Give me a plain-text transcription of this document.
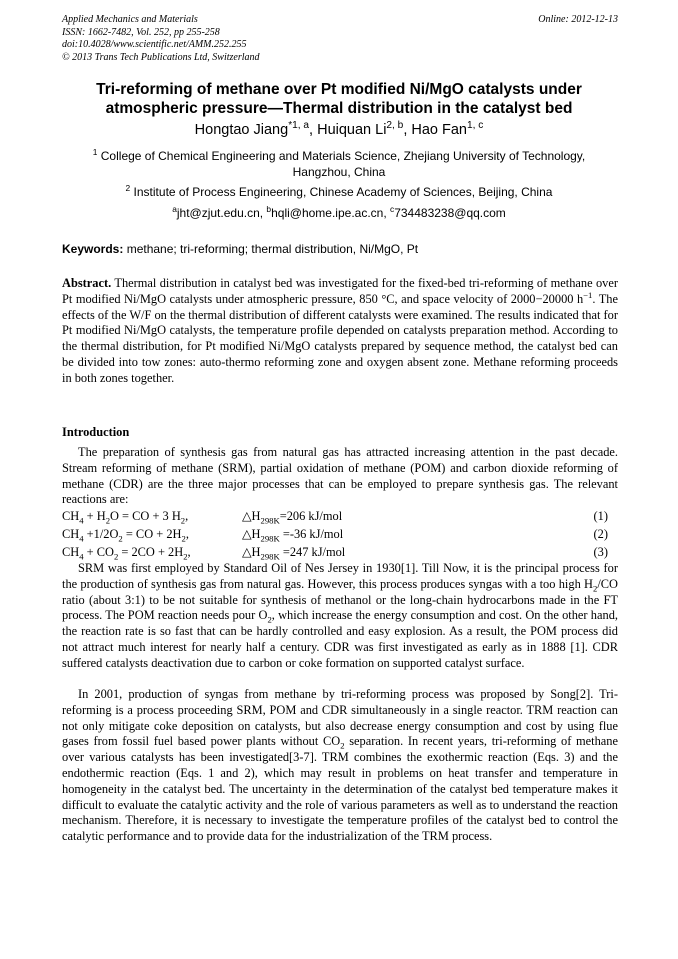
Applied Mechanics and Materials
ISSN: 1662-7482, Vol. 252, pp 255-258
doi:10.4028/www.scientific.net/AMM.252.255
© 2013 Trans Tech Publications Ltd, Switzerland
Online: 2012-12-13
Tri-reforming of methane over Pt modified Ni/MgO catalysts under
atmospheric pressure—Thermal distribution in the catalyst bed
Hongtao Jiang$^{*1, a}$, Huiquan Li$^{2, b}$, Hao Fan$^{1, c}$
$^1$ College of Chemical Engineering and Materials Science, Zhejiang University of Technology,
Hangzhou, China
$^2$ Institute of Process Engineering, Chinese Academy of Sciences, Beijing, China
$^a$jht@zjut.edu.cn, $^b$hqli@home.ipe.ac.cn, $^c$734483238@qq.com
Keywords: methane; tri-reforming; thermal distribution, Ni/MgO, Pt
Abstract. Thermal distribution in catalyst bed was investigated for the fixed-bed tri-reforming of methane over Pt modified Ni/MgO catalysts under atmospheric pressure, 850 °C, and space velocity of 2000−20000 $h^{-1}$. The effects of the W/F on the thermal distribution of different catalysts were examined. The results indicated that for Pt modified Ni/MgO catalysts, the temperature profile depended on catalysts preparation method. According to the thermal distribution, for Pt modified Ni/MgO catalysts prepared by sequence method, the catalyst bed can be divided into tow zones: auto-thermo reforming zone and oxygen absent zone. Methane reforming proceeds in both zones together.
Introduction
The preparation of synthesis gas from natural gas has attracted increasing attention in the past decade. Stream reforming of methane (SRM), partial oxidation of methane (POM) and carbon dioxide reforming of methane (CDR) are the three major processes that can be employed to prepare synthesis gas. The relevant reactions are:
$CH_4 + H_2O$ = CO + 3 $H_2$,	$\triangle H_{298K}=206$ kJ/mol	(1)
$CH_4 +1/2O_2$ = CO + $2H_2$,	$\triangle H_{298K} =-36$ kJ/mol	(2)
$CH_4 + CO_2 = 2CO + 2H_2$,	$\triangle H_{298K} =247$ kJ/mol	(3)
SRM was first employed by Standard Oil of Nes Jersey in 1930[1]. Till Now, it is the principal process for the production of synthesis gas from natural gas. However, this process produces syngas with a too high $H_2/CO$ ratio (about 3:1) to be not suitable for synthesis of methanol or the long-chain hydrocarbons made in the FT process. The POM reaction needs pour $O_2$, which increase the energy consumption and cost. On the other hand, the reaction rate is so fast that can be hardly controlled and easy explosion. As a result, the POM process did not attract much interest for nearly half a century. CDR was first investigated as early as in 1888 [1]. CDR suffered catalysts deactivation due to carbon or coke formation on supported catalyst surface.
In 2001, production of syngas from methane by tri-reforming process was proposed by Song[2]. Tri-reforming is a process proceeding SRM, POM and CDR simultaneously in a single reactor. TRM reaction can not only mitigate coke deposition on catalysts, but also decrease energy consumption and cost by using flue gases from fossil fuel based power plants without $CO_2$ separation. In recent years, tri-reforming of methane over various catalysts has been investigated[3-7]. TRM combines the exothermic reaction (Eqs. 3) and the endothermic reaction (Eqs. 1 and 2), which may result in problems on heat transfer and temperature in homogeneity in the catalyst bed. The uncertainty in the determination of the catalyst bed temperature makes it difficult to evaluate the catalytic activity and the role of various parameters as well as to understand the reaction mechanism. Therefore, it is necessary to investigate the temperature profiles of the catalyst bed to control the catalytic performance and to provide data for the industrialization of the TRM process.
